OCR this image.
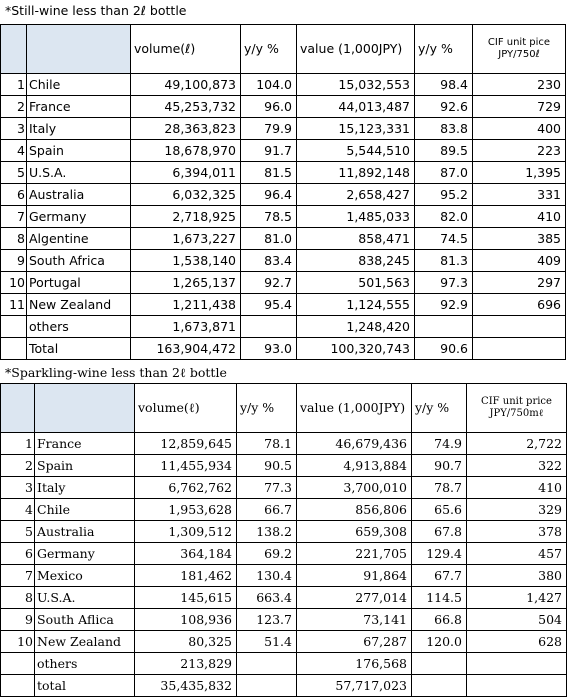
*Still-wine less than 2ℓ bottle
		volume(ℓ)	y/y %	value (1,000JPY)	y/y %	CIF unit pice
JPY/750ℓ

1	Chile	49,100,873	104.0	15,032,553	98.4	230
2	France	45,253,732	96.0	44,013,487	92.6	729
3	Italy	28,363,823	79.9	15,123,331	83.8	400
4	Spain	18,678,970	91.7	5,544,510	89.5	223
5	U.S.A.	6,394,011	81.5	11,892,148	87.0	1,395
6	Australia	6,032,325	96.4	2,658,427	95.2	331
7	Germany	2,718,925	78.5	1,485,033	82.0	410
8	Algentine	1,673,227	81.0	858,471	74.5	385
9	South Africa	1,538,140	83.4	838,245	81.3	409
10	Portugal	1,265,137	92.7	501,563	97.3	297
11	New Zealand	1,211,438	95.4	1,124,555	92.9	696
	others	1,673,871		1,248,420		
	Total	163,904,472	93.0	100,320,743	90.6	
*Sparkling-wine less than 2ℓ bottle
		volume(ℓ)	y/y %	value (1,000JPY)	y/y %	CIF unit price
JPY/750mℓ

1	France	12,859,645	78.1	46,679,436	74.9	2,722
2	Spain	11,455,934	90.5	4,913,884	90.7	322
3	Italy	6,762,762	77.3	3,700,010	78.7	410
4	Chile	1,953,628	66.7	856,806	65.6	329
5	Australia	1,309,512	138.2	659,308	67.8	378
6	Germany	364,184	69.2	221,705	129.4	457
7	Mexico	181,462	130.4	91,864	67.7	380
8	U.S.A.	145,615	663.4	277,014	114.5	1,427
9	South Aflica	108,936	123.7	73,141	66.8	504
10	New Zealand	80,325	51.4	67,287	120.0	628
	others	213,829		176,568		
	total	35,435,832		57,717,023		
